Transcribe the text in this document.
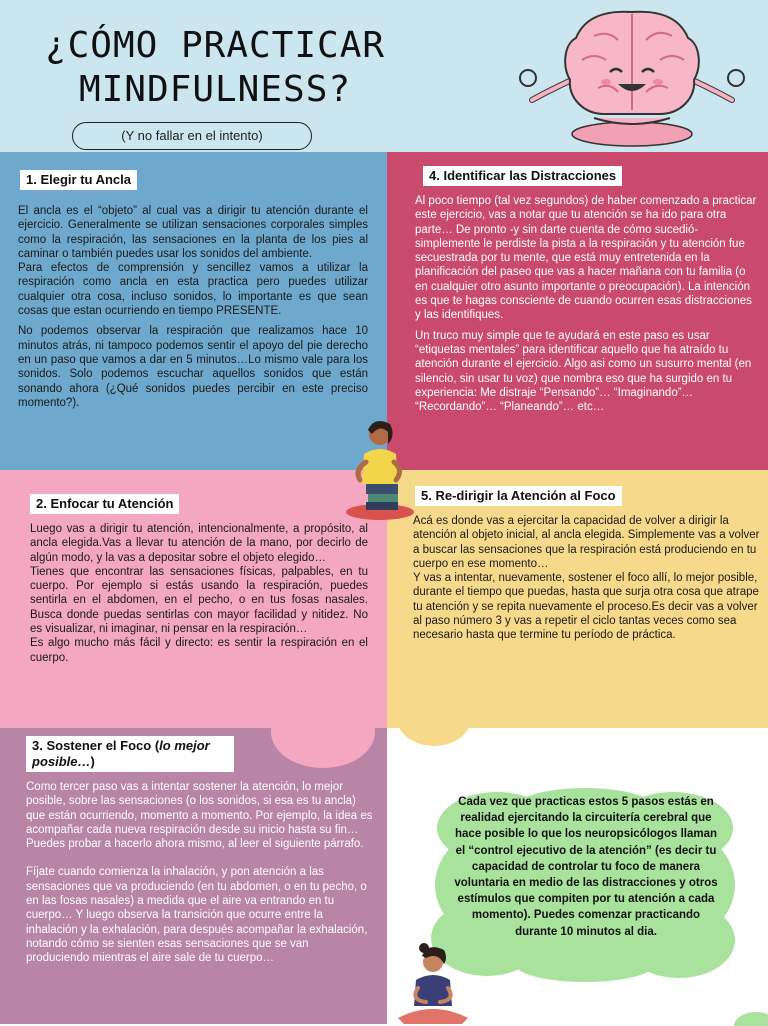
¿CÓMO PRACTICAR
MINDFULNESS?
(Y no fallar en el intento)
1. Elegir tu Ancla

El ancla es el “objeto” al cual vas a dirigir tu atención durante el ejercicio. Generalmente se utilizan sensaciones corporales simples como la respiración, las sensaciones en la planta de los pies al caminar o también puedes usar los sonidos del ambiente.

Para efectos de comprensión y sencillez vamos a utilizar la respiración como ancla en esta practica pero puedes utilizar cualquier otra cosa, incluso sonidos, lo importante es que sean cosas que estan ocurriendo en tiempo PRESENTE.

No podemos observar la respiración que realizamos hace 10 minutos atrás, ni tampoco podemos sentir el apoyo del pie derecho en un paso que vamos a dar en 5 minutos…Lo mismo vale para los sonidos. Solo podemos escuchar aquellos sonidos que están sonando ahora (¿Qué sonidos puedes percibir en este preciso momento?).

4. Identificar las Distracciones

Al poco tiempo (tal vez segundos) de haber comenzado a practicar este ejercicio, vas a notar que tu atención se ha ido para otra parte… De pronto -y sin darte cuenta de cómo sucedió- simplemente le perdiste la pista a la respiración y tu atención fue secuestrada por tu mente, que está muy entretenida en la planificación del paseo que vas a hacer mañana con tu familia (o en cualquier otro asunto importante o preocupación). La intención es que te hagas consciente de cuando ocurren esas distracciones y las identifiques.

Un truco muy simple que te ayudará en este paso es usar “etiquetas mentales” para identificar aquello que ha atraído tu atención durante el ejercicio. Algo asi como un susurro mental (en silencio, sin usar tu voz) que nombra eso que ha surgido en tu experiencia: Me distraje “Pensando”… “Imaginando”… “Recordando”… “Planeando”… etc…

2. Enfocar tu Atención

Luego vas a dirigir tu atención, intencionalmente, a propósito, al ancla elegida.Vas a llevar tu atención de la mano, por decirlo de algún modo, y la vas a depositar sobre el objeto elegido…

Tienes que encontrar las sensaciones físicas, palpables, en tu cuerpo. Por ejemplo si estás usando la respiración, puedes sentirla en el abdomen, en el pecho, o en tus fosas nasales. Busca donde puedas sentirlas con mayor facilidad y nitidez. No es visualizar, ni imaginar, ni pensar en la respiración…

Es algo mucho más fácil y directo: es sentir la respiración en el cuerpo.

5. Re-dirigir la Atención al Foco

Acá es donde vas a ejercitar la capacidad de volver a dirigir la atención al objeto inicial, al ancla elegida. Simplemente vas a volver a buscar las sensaciones que la respiración está produciendo en tu cuerpo en ese momento…

Y vas a intentar, nuevamente, sostener el foco allí, lo mejor posible, durante el tiempo que puedas, hasta que surja otra cosa que atrape tu atención y se repita nuevamente el proceso.Es decir vas a volver al paso número 3 y vas a repetir el ciclo tantas veces como sea necesario hasta que termine tu período de práctica.

3. Sostener el Foco (lo mejor posible…)

Como tercer paso vas a intentar sostener la atención, lo mejor posible, sobre las sensaciones (o los sonidos, si esa es tu ancla) que están ocurriendo, momento a momento. Por ejemplo, la idea es acompañar cada nueva respiración desde su inicio hasta su fin…Puedes probar a hacerlo ahora mismo, al leer el siguiente párrafo.

Fíjate cuando comienza la inhalación, y pon atención a las sensaciones que va produciendo (en tu abdomen, o en tu pecho, o en las fosas nasales) a medida que el aire va entrando en tu cuerpo… Y luego observa la transición que ocurre entre la inhalación y la exhalación, para después acompañar la exhalación, notando cómo se sienten esas sensaciones que se van produciendo mientras el aire sale de tu cuerpo…

Cada vez que practicas estos 5 pasos estás en realidad ejercitando la circuitería cerebral que hace posible lo que los neuropsicólogos llaman el “control ejecutivo de la atención” (es decir tu capacidad de controlar tu foco de manera voluntaria en medio de las distracciones y otros estímulos que compiten por tu atención a cada momento). Puedes comenzar practicando durante 10 minutos al dia.
